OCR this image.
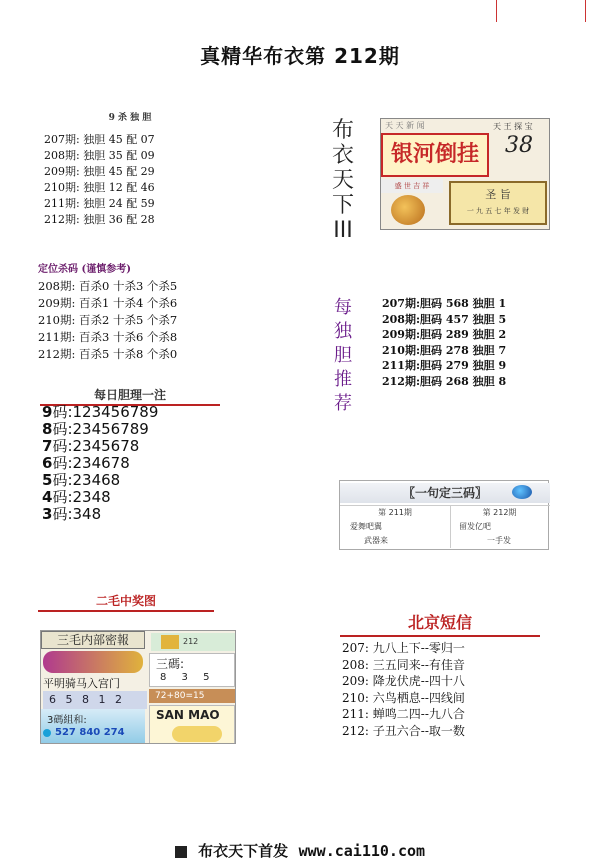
真精华布衣第 212期
9 杀 独 胆
207期: 独胆 45 配 07
208期: 独胆 35 配 09
209期: 独胆 45 配 29
210期: 独胆 12 配 46
211期: 独胆 24 配 59
212期: 独胆 36 配 28
定位杀码 (谨慎参考)
208期: 百杀0 十杀3 个杀5
209期: 百杀1 十杀4 个杀6
210期: 百杀2 十杀5 个杀7
211期: 百杀3 十杀6 个杀8
212期: 百杀5 十杀8 个杀0
每日胆理一注
9码:123456789
8码:23456789
7码:2345678
6码:234678
5码:23468
4码:2348
3码:348
布
衣
天
下
III
每
独
胆
推
荐
天 天 新 闻	天 王 探 宝
银河倒挂	38
盛 世 吉 祥
圣 旨
一 九 五 七 年 发 财
207期:胆码 568 独胆 1
208期:胆码 457 独胆 5
209期:胆码 289 独胆 2
210期:胆码 278 独胆 7
211期:胆码 279 独胆 9
212期:胆码 268 独胆 8
〖一句定三码〗
第 211期
爱舞吧翼
武器来
第 212期
留发亿吧
一手发
二毛中奖图
三毛内部密報	212
平明骑马入宫门
6 5 8 1 2
3碼組和:
527 840 274
三碼:
8 3 5
72+80=15
SAN MAO
北京短信
207: 九八上下--零归一
208: 三五同来--有佳音
209: 降龙伏虎--四十八
210: 六鸟栖息--四线间
211: 蝉鸣二四--九八合
212: 子丑六合--取一数
布衣天下首发 www.cai110.com
